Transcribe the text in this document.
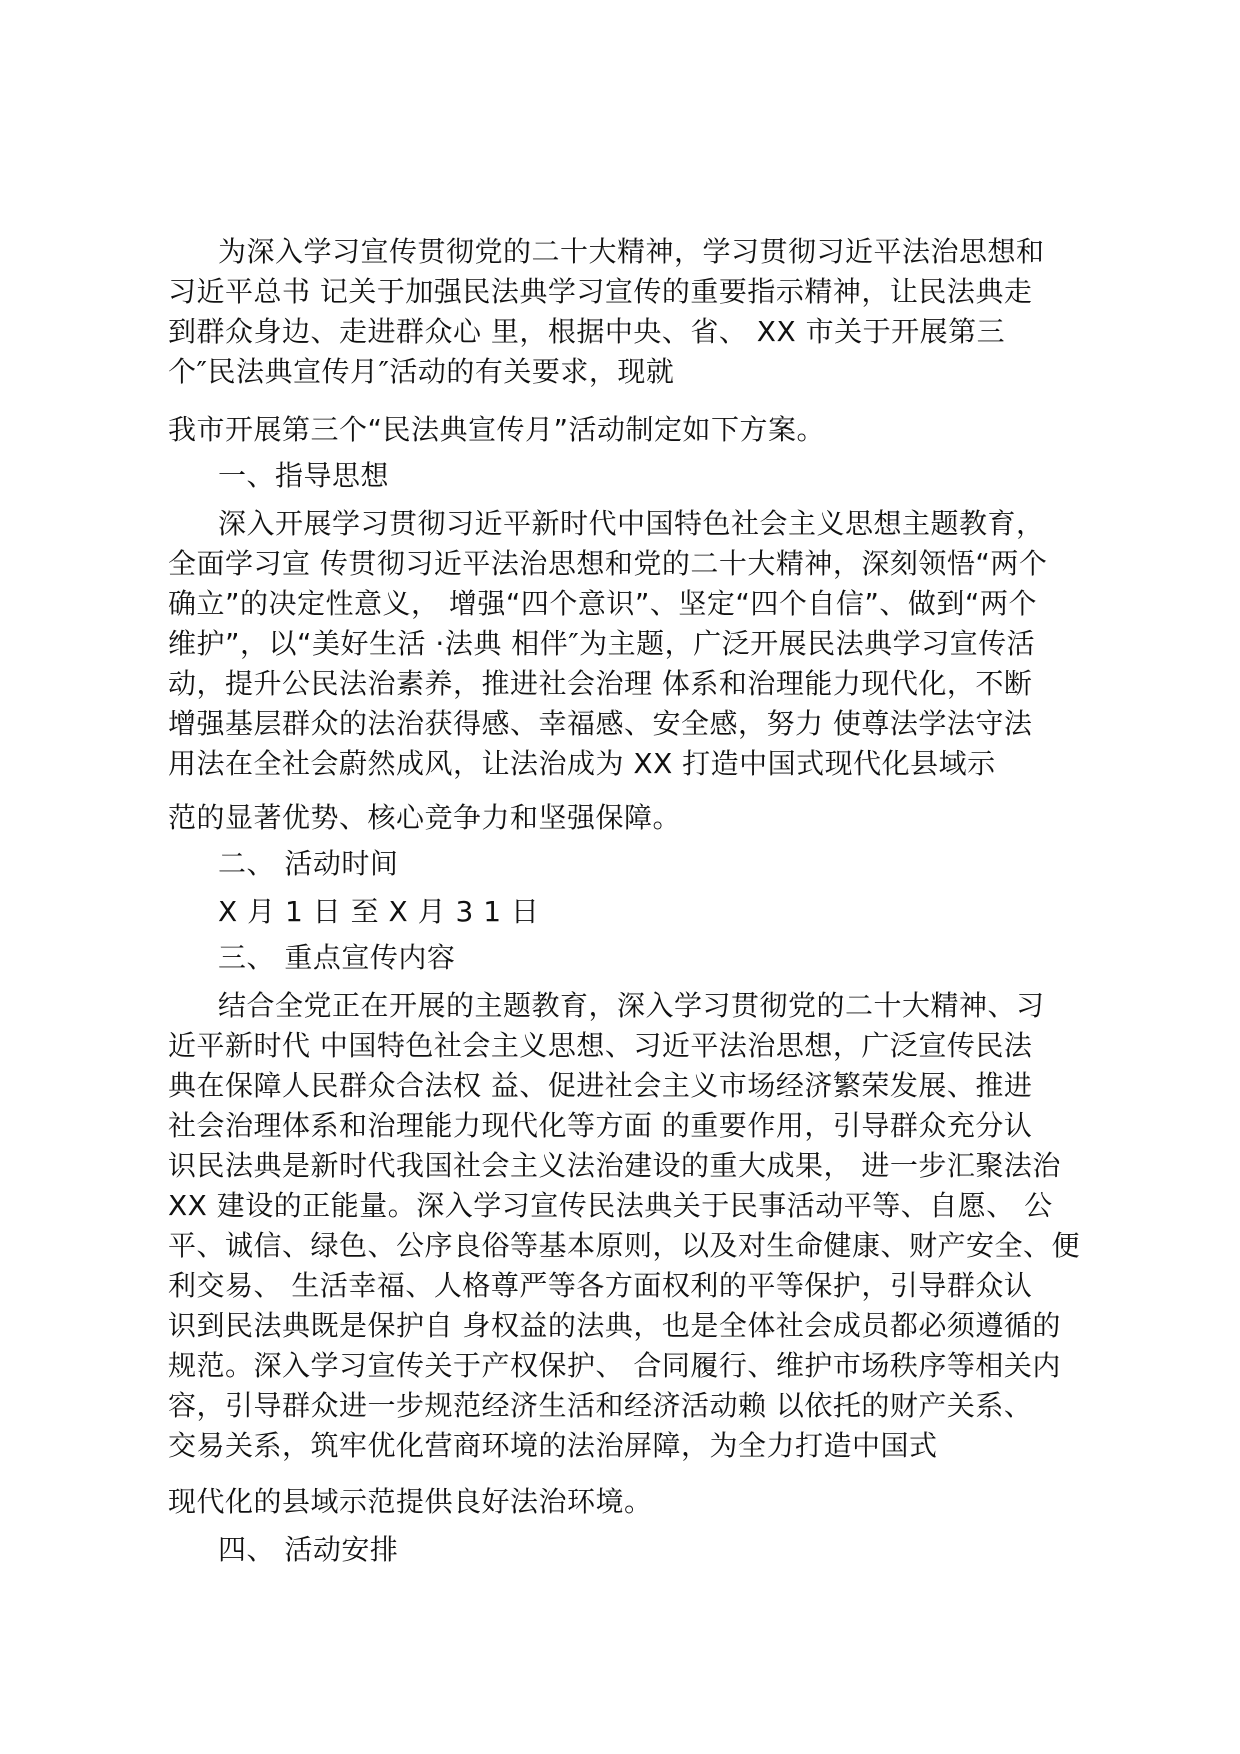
为深入学习宣传贯彻党的二十大精神，学习贯彻习近平法治思想和
习近平总书 记关于加强民法典学习宣传的重要指示精神，让民法典走
到群众身边、走进群众心 里，根据中央、省、 XX 市关于开展第三
个″民法典宣传月″活动的有关要求，现就
我市开展第三个“民法典宣传月”活动制定如下方案。
一、指导思想
深入开展学习贯彻习近平新时代中国特色社会主义思想主题教育，
全面学习宣 传贯彻习近平法治思想和党的二十大精神，深刻领悟“两个
确立”的决定性意义， 增强“四个意识”、坚定“四个自信”、做到“两个
维护”，以“美好生活 ·法典 相伴″为主题，广泛开展民法典学习宣传活
动，提升公民法治素养，推进社会治理 体系和治理能力现代化，不断
增强基层群众的法治获得感、幸福感、安全感，努力 使尊法学法守法
用法在全社会蔚然成风，让法治成为 XX 打造中国式现代化县域示
范的显著优势、核心竞争力和坚强保障。
二、 活动时间
X 月 1 日 至 X 月 3 1 日
三、 重点宣传内容
结合全党正在开展的主题教育，深入学习贯彻党的二十大精神、习
近平新时代 中国特色社会主义思想、习近平法治思想，广泛宣传民法
典在保障人民群众合法权 益、促进社会主义市场经济繁荣发展、推进
社会治理体系和治理能力现代化等方面 的重要作用，引导群众充分认
识民法典是新时代我国社会主义法治建设的重大成果， 进一步汇聚法治
XX 建设的正能量。深入学习宣传民法典关于民事活动平等、自愿、 公
平、诚信、绿色、公序良俗等基本原则，以及对生命健康、财产安全、便
利交易、 生活幸福、人格尊严等各方面权利的平等保护，引导群众认
识到民法典既是保护自 身权益的法典，也是全体社会成员都必须遵循的
规范。深入学习宣传关于产权保护、 合同履行、维护市场秩序等相关内
容，引导群众进一步规范经济生活和经济活动赖 以依托的财产关系、
交易关系，筑牢优化营商环境的法治屏障，为全力打造中国式
现代化的县域示范提供良好法治环境。
四、 活动安排
